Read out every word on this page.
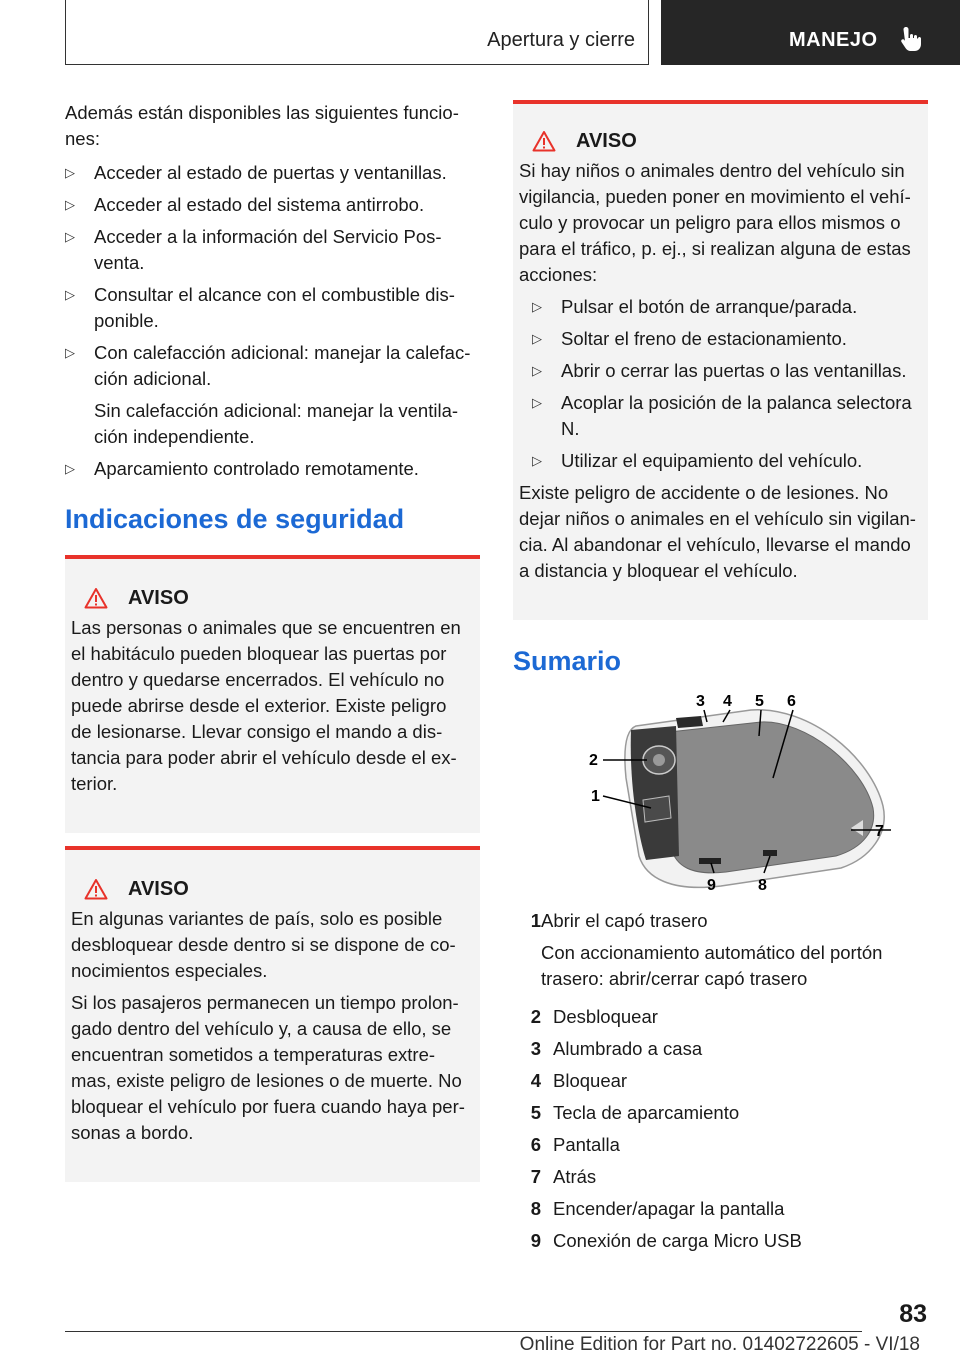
Apertura y cierre	MANEJO

Además están disponibles las siguientes funcio‐nes:

▷	Acceder al estado de puertas y ventanillas.
▷	Acceder al estado del sistema antirrobo.
▷	Acceder a la información del Servicio Pos‐venta.
▷	Consultar el alcance con el combustible dis‐ponible.
▷	Con calefacción adicional: manejar la calefac‐ción adicional.

Sin calefacción adicional: manejar la ventila‐ción independiente.

▷	Aparcamiento controlado remotamente.
Indicaciones de seguridad
AVISO

Las personas o animales que se encuentren en el habitáculo pueden bloquear las puertas por dentro y quedarse encerrados. El vehículo no puede abrirse desde el exterior. Existe peligro de lesionarse. Llevar consigo el mando a dis‐tancia para poder abrir el vehículo desde el ex‐terior.

AVISO

En algunas variantes de país, solo es posible desbloquear desde dentro si se dispone de co‐nocimientos especiales.

Si los pasajeros permanecen un tiempo prolon‐gado dentro del vehículo y, a causa de ello, se encuentran sometidos a temperaturas extre‐mas, existe peligro de lesiones o de muerte. No bloquear el vehículo por fuera cuando haya per‐sonas a bordo.

AVISO

Si hay niños o animales dentro del vehículo sin vigilancia, pueden poner en movimiento el vehí‐culo y provocar un peligro para ellos mismos o para el tráfico, p. ej., si realizan alguna de estas acciones:

▷	Pulsar el botón de arranque/parada.
▷	Soltar el freno de estacionamiento.
▷	Abrir o cerrar las puertas o las ventanillas.
▷	Acoplar la posición de la palanca selectora N.
▷	Utilizar el equipamiento del vehículo.

Existe peligro de accidente o de lesiones. No dejar niños o animales en el vehículo sin vigilan‐cia. Al abandonar el vehículo, llevarse el mando a distancia y bloquear el vehículo.

Sumario
1
2
3 4 5 6
7
8
9
1 Abrir el capó trasero

Con accionamiento automático del portón trasero: abrir/cerrar capó trasero

2 Desbloquear
3 Alumbrado a casa
4 Bloquear
5 Tecla de aparcamiento
6 Pantalla
7 Atrás
8 Encender/apagar la pantalla
9 Conexión de carga Micro USB
83
Online Edition for Part no. 01402722605 - VI/18
